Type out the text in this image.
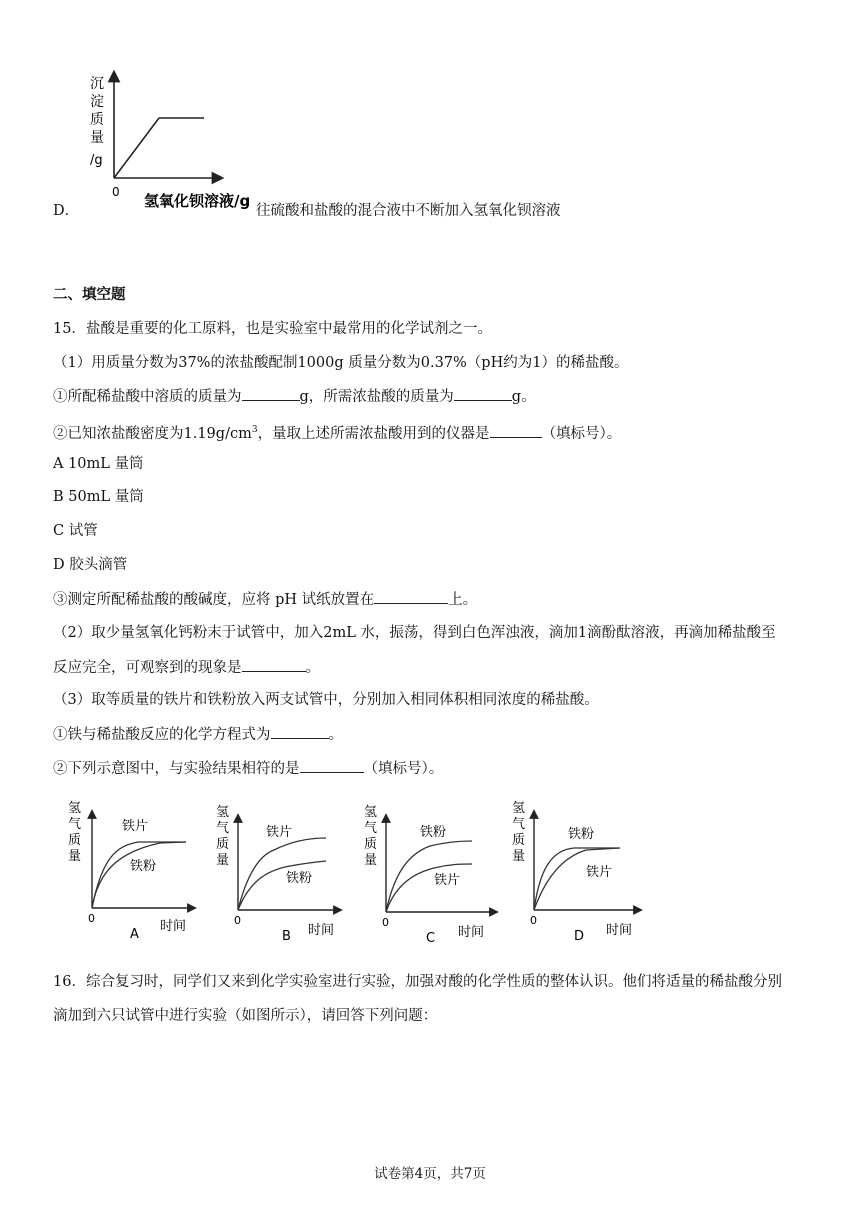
沉
淀
质
量
/g
0 氢氧化钡溶液/g
D．	往硫酸和盐酸的混合液中不断加入氢氧化钡溶液
二、填空题
15．盐酸是重要的化工原料，也是实验室中最常用的化学试剂之一。
（1）用质量分数为37%的浓盐酸配制1000g 质量分数为0.37%（pH约为1）的稀盐酸。
①所配稀盐酸中溶质的质量为	g，所需浓盐酸的质量为	g。
②已知浓盐酸密度为$1.19g/cm^3$，量取上述所需浓盐酸用到的仪器是	（填标号）。
A 10mL 量筒
B 50mL 量筒
C 试管
D 胶头滴管
③测定所配稀盐酸的酸碱度，应将 pH 试纸放置在	上。
（2）取少量氢氧化钙粉末于试管中，加入2mL 水，振荡，得到白色浑浊液，滴加1滴酚酞溶液，再滴加稀盐酸至
反应完全，可观察到的现象是	。
（3）取等质量的铁片和铁粉放入两支试管中，分别加入相同体积相同浓度的稀盐酸。
①铁与稀盐酸反应的化学方程式为	。
②下列示意图中，与实验结果相符的是	（填标号）。
氢
气
质
量
铁片
铁粉
0
A
时间
氢
气
质
量
铁片
铁粉
0
B 时间
氢
气
质
量
铁粉
铁片
0
C 时间
氢
气
质
量
铁粉
铁片
0
D 时间
16．综合复习时，同学们又来到化学实验室进行实验，加强对酸的化学性质的整体认识。他们将适量的稀盐酸分别
滴加到六只试管中进行实验（如图所示），请回答下列问题：
试卷第4页，共7页
